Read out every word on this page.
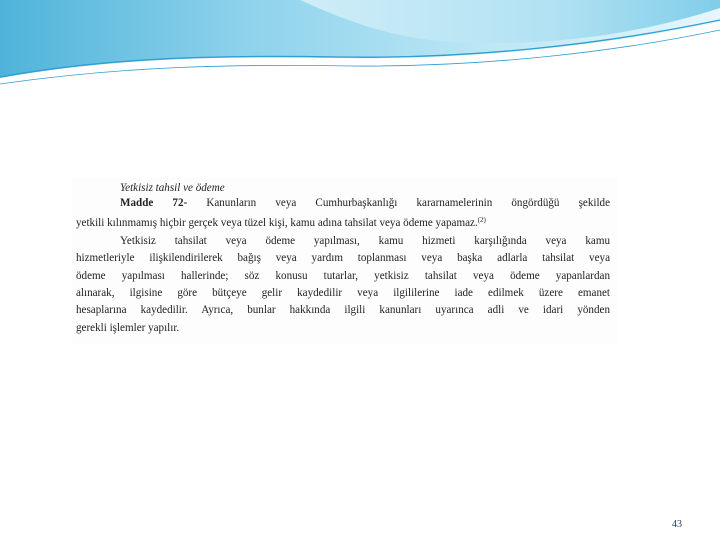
Yetkisiz tahsil ve ödeme
Madde 72- Kanunların veya Cumhurbaşkanlığı kararnamelerinin öngördüğü şekilde
yetkili kılınmamış hiçbir gerçek veya tüzel kişi, kamu adına tahsilat veya ödeme yapamaz.$^{(2)}$
Yetkisiz tahsilat veya ödeme yapılması, kamu hizmeti karşılığında veya kamu
hizmetleriyle ilişkilendirilerek bağış veya yardım toplanması veya başka adlarla tahsilat veya
ödeme yapılması hallerinde; söz konusu tutarlar, yetkisiz tahsilat veya ödeme yapanlardan
alınarak, ilgisine göre bütçeye gelir kaydedilir veya ilgililerine iade edilmek üzere emanet
hesaplarına kaydedilir. Ayrıca, bunlar hakkında ilgili kanunları uyarınca adli ve idari yönden
gerekli işlemler yapılır.
43
